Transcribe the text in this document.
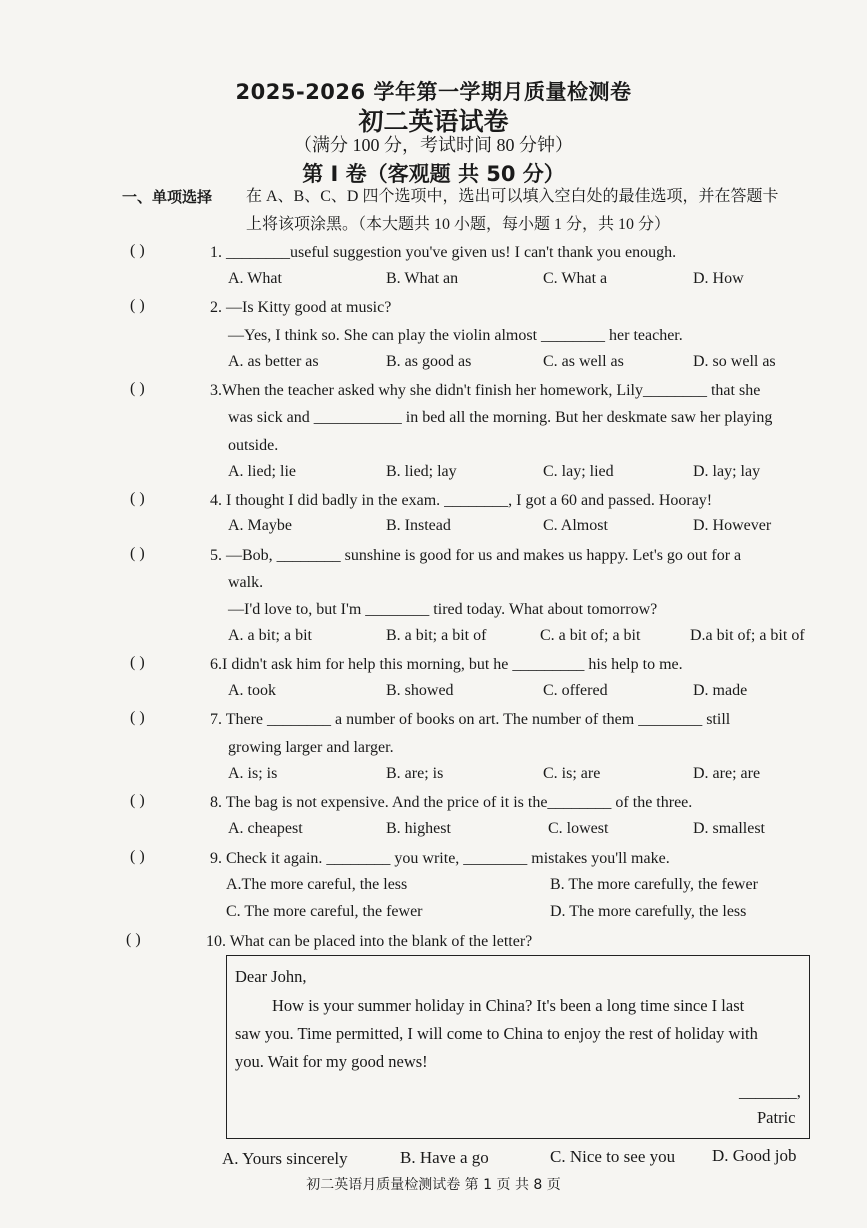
2025-2026 学年第一学期月质量检测卷
初二英语试卷
（满分 100 分，考试时间 80 分钟）
第 I 卷（客观题 共 50 分）
一、单项选择 在 A、B、C、D 四个选项中，选出可以填入空白处的最佳选项，并在答题卡
上将该项涂黑。（本大题共 10 小题，每小题 1 分，共 10 分）
( )	1. ________useful suggestion you've given us! I can't thank you enough.
A. What	B. What an	C. What a	D. How
( )	2. —Is Kitty good at music?
—Yes, I think so. She can play the violin almost ________ her teacher.
A. as better as	B. as good as	C. as well as	D. so well as
( )	3.When the teacher asked why she didn't finish her homework, Lily________ that she
was sick and ___________ in bed all the morning. But her deskmate saw her playing
outside.
A. lied; lie	B. lied; lay	C. lay; lied	D. lay; lay
( )	4. I thought I did badly in the exam. ________, I got a 60 and passed. Hooray!
A. Maybe	B. Instead	C. Almost	D. However
( )	5. —Bob, ________ sunshine is good for us and makes us happy. Let's go out for a
walk.
—I'd love to, but I'm ________ tired today. What about tomorrow?
A. a bit; a bit	B. a bit; a bit of	C. a bit of; a bit	D.a bit of; a bit of
( )	6.I didn't ask him for help this morning, but he _________ his help to me.
A. took	B. showed	C. offered	D. made
( )	7. There ________ a number of books on art. The number of them ________ still
growing larger and larger.
A. is; is	B. are; is	C. is; are	D. are; are
( )	8. The bag is not expensive. And the price of it is the________ of the three.
A. cheapest	B. highest	C. lowest	D. smallest
( )	9. Check it again. ________ you write, ________ mistakes you'll make.
A.The more careful, the less	B. The more carefully, the fewer
C. The more careful, the fewer	D. The more carefully, the less
( )	10. What can be placed into the blank of the letter?
Dear John,
How is your summer holiday in China? It's been a long time since I last
saw you. Time permitted, I will come to China to enjoy the rest of holiday with
you. Wait for my good news!
_______,
Patric
A. Yours sincerely	B. Have a go	C. Nice to see you D. Good job
初二英语月质量检测试卷 第 1 页 共 8 页
